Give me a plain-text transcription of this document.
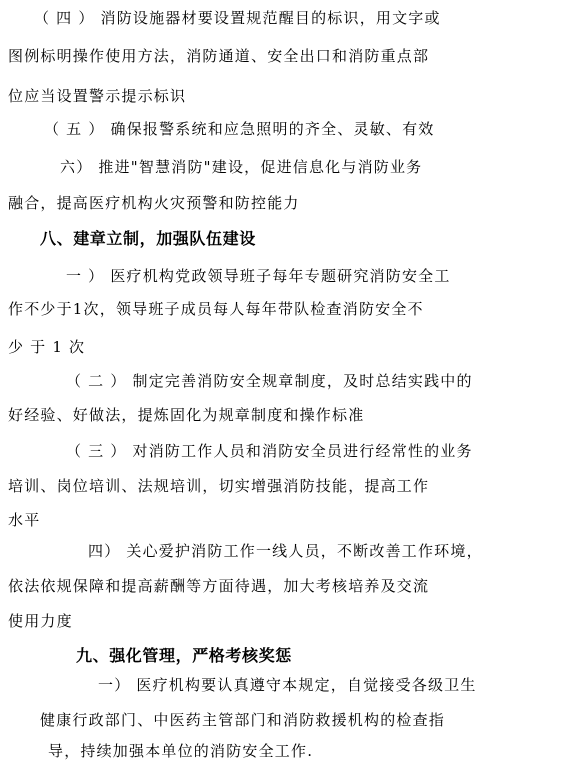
（ 四 ） 消防设施器材要设置规范醒目的标识，用文字或
图例标明操作使用方法，消防通道、安全出口和消防重点部
位应当设置警示提示标识
（ 五 ） 确保报警系统和应急照明的齐全、灵敏、有效
六） 推进"智慧消防"建设，促进信息化与消防业务
融合，提高医疗机构火灾预警和防控能力
八、建章立制，加强队伍建设
一 ） 医疗机构党政领导班子每年专题研究消防安全工
作不少于1次，领导班子成员每人每年带队检查消防安全不
少 于 1 次
（ 二 ） 制定完善消防安全规章制度，及时总结实践中的
好经验、好做法，提炼固化为规章制度和操作标准
（ 三 ） 对消防工作人员和消防安全员进行经常性的业务
培训、岗位培训、法规培训，切实增强消防技能，提高工作
水平
四） 关心爱护消防工作一线人员，不断改善工作环境，
依法依规保障和提高薪酬等方面待遇，加大考核培养及交流
使用力度
九、强化管理，严格考核奖惩
一） 医疗机构要认真遵守本规定，自觉接受各级卫生
健康行政部门、中医药主管部门和消防救援机构的检查指
导，持续加强本单位的消防安全工作.
